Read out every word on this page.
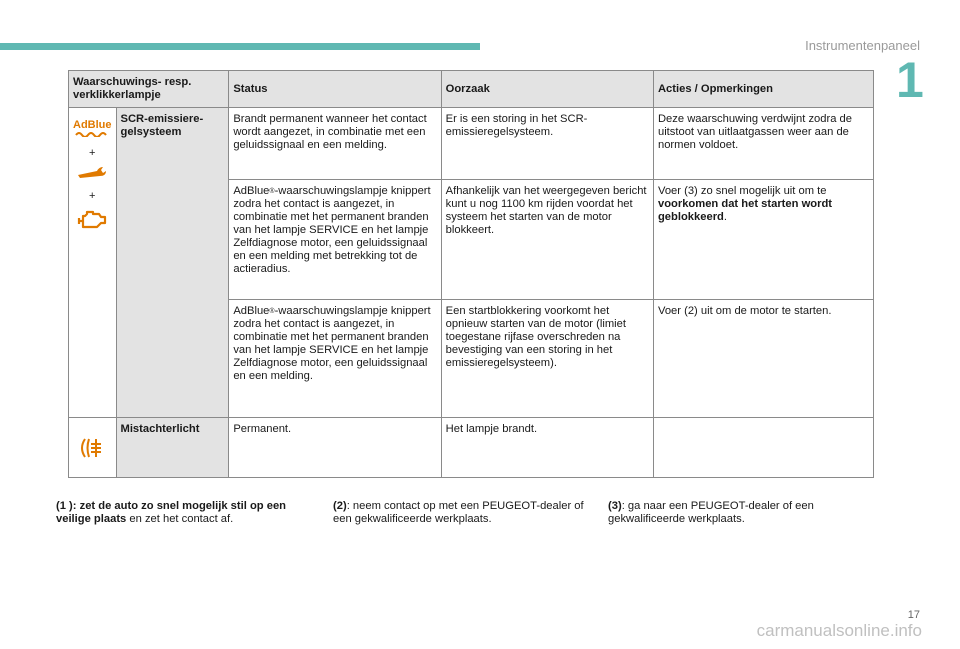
Instrumentenpaneel
1
Waarschuwings- resp. verklikkerlampje		Status	Oorzaak	Acties / Opmerkingen

AdBlue
+
+	SCR-emissiere-gelsysteem	Brandt permanent wanneer het contact wordt aangezet, in combinatie met een geluidssignaal en een melding.	Er is een storing in het SCR-emissieregelsysteem.	Deze waarschuwing verdwijnt zodra de uitstoot van uitlaatgassen weer aan de normen voldoet.
		AdBlue®-waarschuwingslampje knippert zodra het contact is aangezet, in combinatie met het permanent branden van het lampje SERVICE en het lampje Zelfdiagnose motor, een geluidssignaal en een melding met betrekking tot de actieradius.	Afhankelijk van het weergegeven bericht kunt u nog 1100 km rijden voordat het systeem het starten van de motor blokkeert.	Voer (3) zo snel mogelijk uit om te voorkomen dat het starten wordt geblokkeerd.
		AdBlue®-waarschuwingslampje knippert zodra het contact is aangezet, in combinatie met het permanent branden van het lampje SERVICE en het lampje Zelfdiagnose motor, een geluidssignaal en een melding.	Een startblokkering voorkomt het opnieuw starten van de motor (limiet toegestane rijfase overschreden na bevestiging van een storing in het emissieregelsysteem).	Voer (2) uit om de motor te starten.

	Mistachterlicht	Permanent.	Het lampje brandt.	
(1 ): zet de auto zo snel mogelijk stil op een veilige plaats en zet het contact af.
(2): neem contact op met een PEUGEOT-dealer of een gekwalificeerde werkplaats.
(3): ga naar een PEUGEOT-dealer of een gekwalificeerde werkplaats.
17
carmanualsonline.info
